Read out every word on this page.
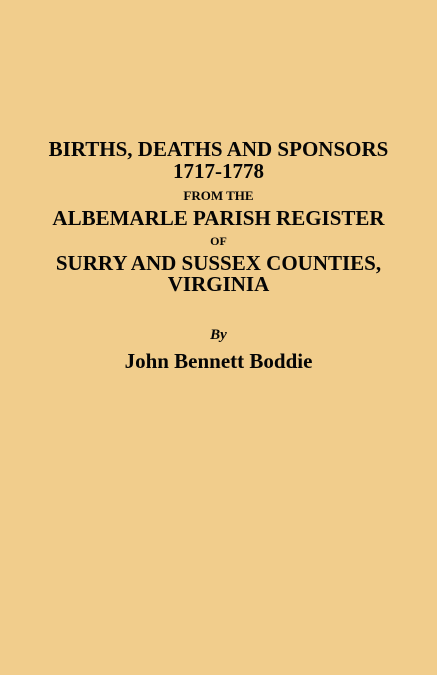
BIRTHS, DEATHS AND SPONSORS
1717-1778
FROM THE
ALBEMARLE PARISH REGISTER
OF
SURRY AND SUSSEX COUNTIES,
VIRGINIA
By
John Bennett Boddie
